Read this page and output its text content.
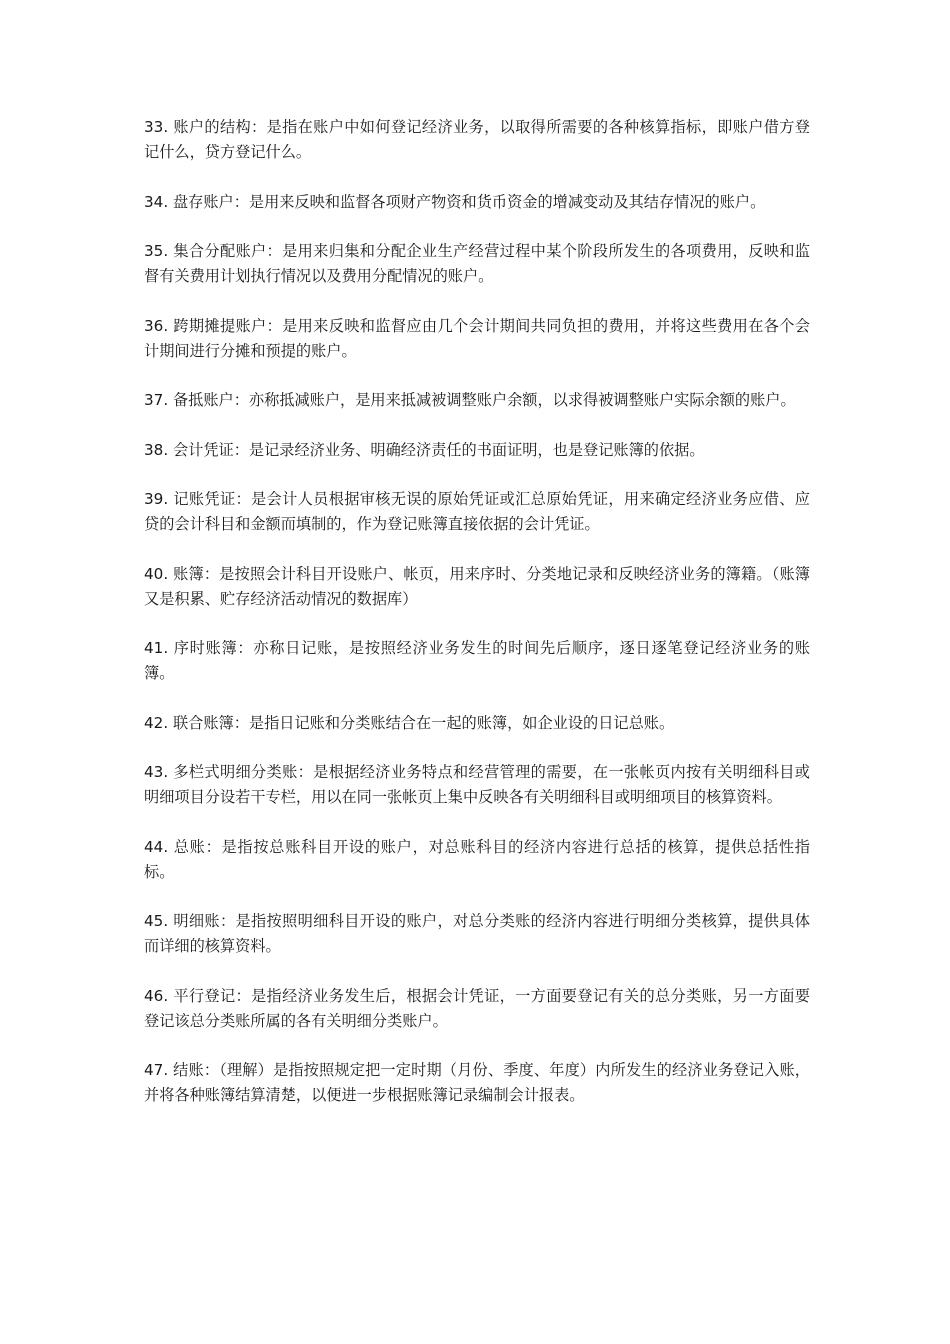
33. 账户的结构：是指在账户中如何登记经济业务，以取得所需要的各种核算指标，即账户借方登记什么，贷方登记什么。

34. 盘存账户：是用来反映和监督各项财产物资和货币资金的增减变动及其结存情况的账户。

35. 集合分配账户：是用来归集和分配企业生产经营过程中某个阶段所发生的各项费用，反映和监督有关费用计划执行情况以及费用分配情况的账户。

36. 跨期摊提账户：是用来反映和监督应由几个会计期间共同负担的费用，并将这些费用在各个会计期间进行分摊和预提的账户。

37. 备抵账户：亦称抵减账户，是用来抵减被调整账户余额，以求得被调整账户实际余额的账户。

38. 会计凭证：是记录经济业务、明确经济责任的书面证明，也是登记账簿的依据。

39. 记账凭证：是会计人员根据审核无误的原始凭证或汇总原始凭证，用来确定经济业务应借、应贷的会计科目和金额而填制的，作为登记账簿直接依据的会计凭证。

40. 账簿：是按照会计科目开设账户、帐页，用来序时、分类地记录和反映经济业务的簿籍。（账簿又是积累、贮存经济活动情况的数据库）

41. 序时账簿：亦称日记账，是按照经济业务发生的时间先后顺序，逐日逐笔登记经济业务的账簿。

42. 联合账簿：是指日记账和分类账结合在一起的账簿，如企业设的日记总账。

43. 多栏式明细分类账：是根据经济业务特点和经营管理的需要，在一张帐页内按有关明细科目或明细项目分设若干专栏，用以在同一张帐页上集中反映各有关明细科目或明细项目的核算资料。

44. 总账：是指按总账科目开设的账户，对总账科目的经济内容进行总括的核算，提供总括性指标。

45. 明细账：是指按照明细科目开设的账户，对总分类账的经济内容进行明细分类核算，提供具体而详细的核算资料。

46. 平行登记：是指经济业务发生后，根据会计凭证，一方面要登记有关的总分类账，另一方面要登记该总分类账所属的各有关明细分类账户。

47. 结账：（理解）是指按照规定把一定时期（月份、季度、年度）内所发生的经济业务登记入账，并将各种账簿结算清楚，以便进一步根据账簿记录编制会计报表。
